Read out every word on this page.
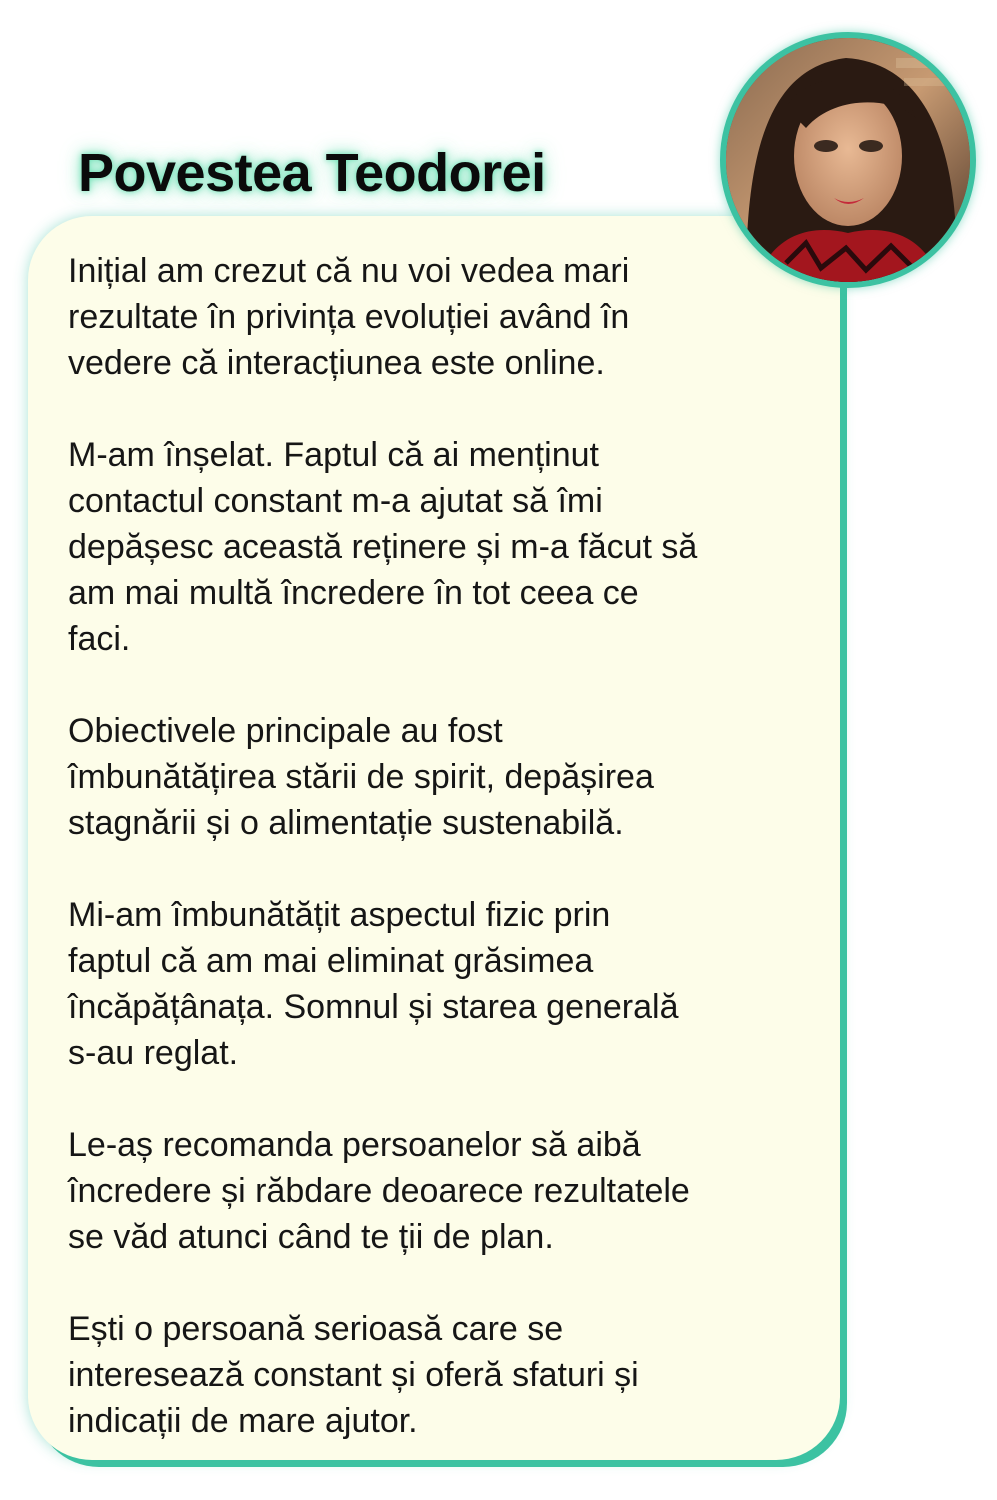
Povestea Teodorei

Inițial am crezut că nu voi vedea mari
rezultate în privința evoluției având în
vedere că interacțiunea este online.

M-am înșelat. Faptul că ai menținut
contactul constant m-a ajutat să îmi
depășesc această reținere și m-a făcut să
am mai multă încredere în tot ceea ce
faci.

Obiectivele principale au fost
îmbunătățirea stării de spirit, depășirea
stagnării și o alimentație sustenabilă.

Mi-am îmbunătățit aspectul fizic prin
faptul că am mai eliminat grăsimea
încăpățânața. Somnul și starea generală
s-au reglat.

Le-aș recomanda persoanelor să aibă
încredere și răbdare deoarece rezultatele
se văd atunci când te ții de plan.

Ești o persoană serioasă care se
interesează constant și oferă sfaturi și
indicații de mare ajutor.
